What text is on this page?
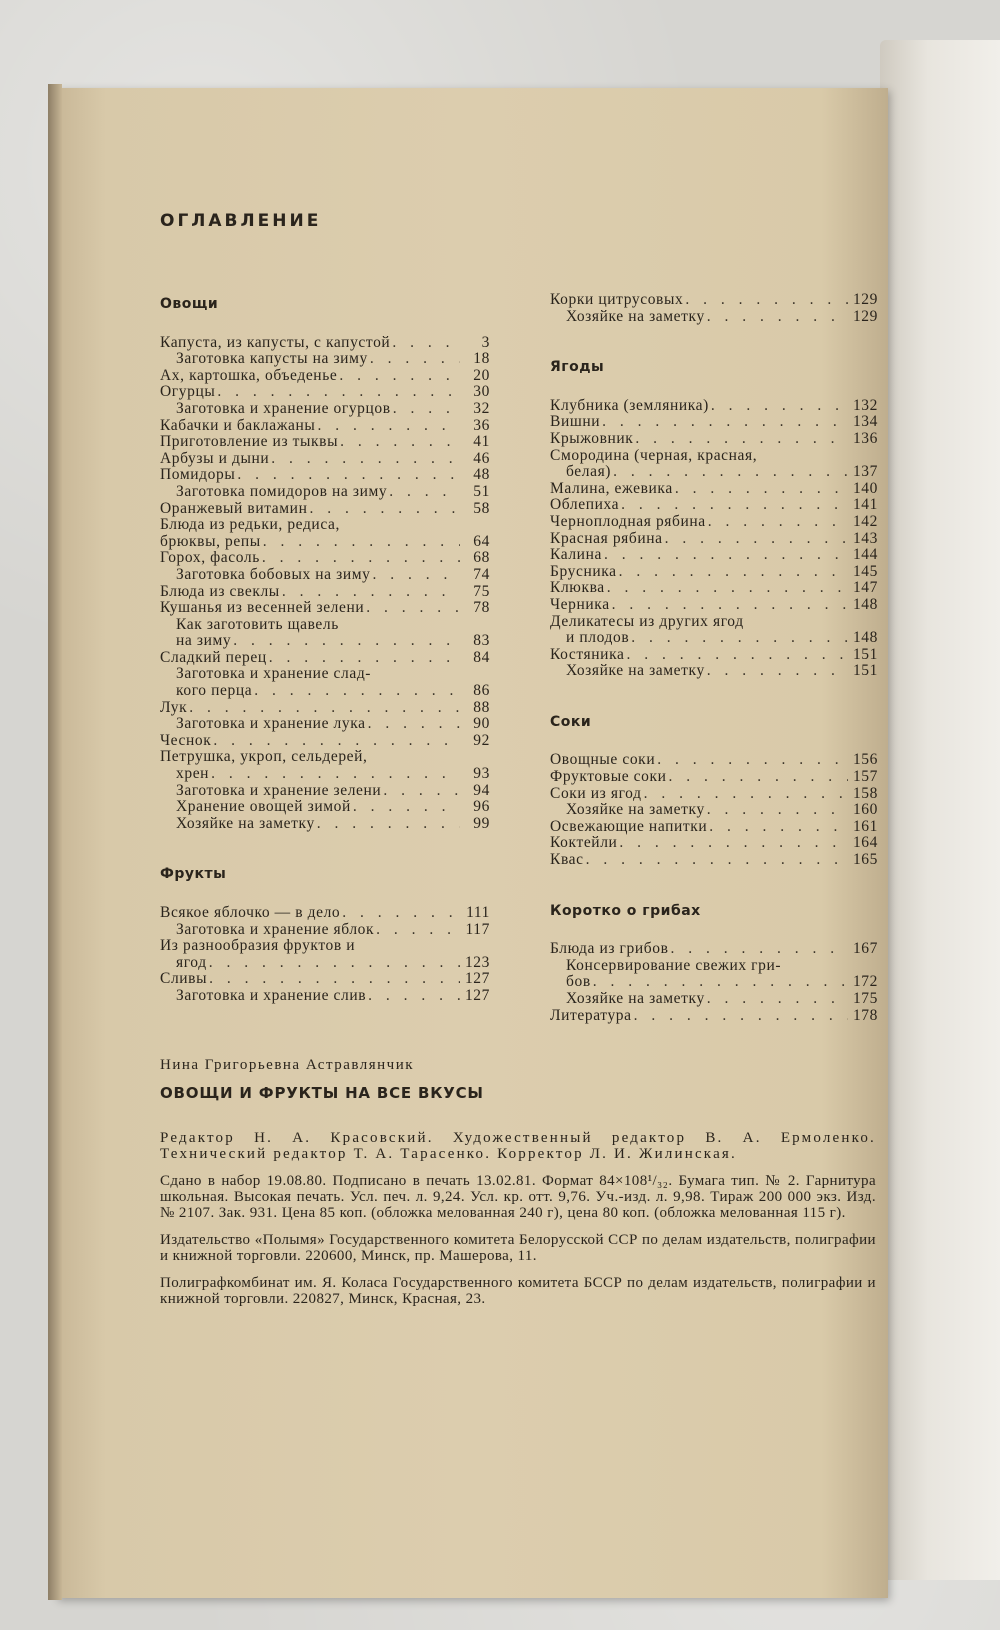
ОГЛАВЛЕНИЕ
Овощи
Капуста, из капусты, с капустой . . .	3
Заготовка капусты на зиму . . .	18
Ах, картошка, объеденье . . .	20
Огурцы . . .	30
Заготовка и хранение огурцов . . .	32
Кабачки и баклажаны . . .	36
Приготовление из тыквы . . .	41
Арбузы и дыни . . .	46
Помидоры . . .	48
Заготовка помидоров на зиму . . .	51
Оранжевый витамин . . .	58
Блюда из редьки, редиса,
брюквы, репы . . .	64
Горох, фасоль . . .	68
Заготовка бобовых на зиму . . .	74
Блюда из свеклы . . .	75
Кушанья из весенней зелени . . .	78
Как заготовить щавель
на зиму . . .	83
Сладкий перец . . .	84
Заготовка и хранение слад-
кого перца . . .	86
Лук . . .	88
Заготовка и хранение лука . . .	90
Чеснок . . .	92
Петрушка, укроп, сельдерей,
хрен . . .	93
Заготовка и хранение зелени . . .	94
Хранение овощей зимой . . .	96
Хозяйке на заметку . . .	99
Фрукты
Всякое яблочко — в дело . . .	111
Заготовка и хранение яблок . . .	117
Из разнообразия фруктов и
ягод . . .	123
Сливы . . .	127
Заготовка и хранение слив . . .	127
Корки цитрусовых . . .	129
Хозяйке на заметку . . .	129
Ягоды
Клубника (земляника) . . .	132
Вишни . . .	134
Крыжовник . . .	136
Смородина (черная, красная,
белая) . . .	137
Малина, ежевика . . .	140
Облепиха . . .	141
Черноплодная рябина . . .	142
Красная рябина . . .	143
Калина . . .	144
Брусника . . .	145
Клюква . . .	147
Черника . . .	148
Деликатесы из других ягод
и плодов . . .	148
Костяника . . .	151
Хозяйке на заметку . . .	151
Соки
Овощные соки . . .	156
Фруктовые соки . . .	157
Соки из ягод . . .	158
Хозяйке на заметку . . .	160
Освежающие напитки . . .	161
Коктейли . . .	164
Квас . . .	165
Коротко о грибах
Блюда из грибов . . .	167
Консервирование свежих гри-
бов . . .	172
Хозяйке на заметку . . .	175
Литература . . .	178
Нина Григорьевна Астравлянчик
ОВОЩИ И ФРУКТЫ НА ВСЕ ВКУСЫ
Редактор Н. А. Красовский. Художественный редактор В. А. Ермоленко. Технический редактор Т. А. Тарасенко. Корректор Л. И. Жилинская.
Сдано в набор 19.08.80. Подписано в печать 13.02.81. Формат 84×108¹/₃₂. Бумага тип. № 2. Гарнитура школьная. Высокая печать. Усл. печ. л. 9,24. Усл. кр. отт. 9,76. Уч.-изд. л. 9,98. Тираж 200 000 экз. Изд. № 2107. Зак. 931. Цена 85 коп. (обложка мелованная 240 г), цена 80 коп. (обложка мелованная 115 г).
Издательство «Полымя» Государственного комитета Белорусской ССР по делам издательств, полиграфии и книжной торговли. 220600, Минск, пр. Машерова, 11.
Полиграфкомбинат им. Я. Коласа Государственного комитета БССР по делам издательств, полиграфии и книжной торговли. 220827, Минск, Красная, 23.
